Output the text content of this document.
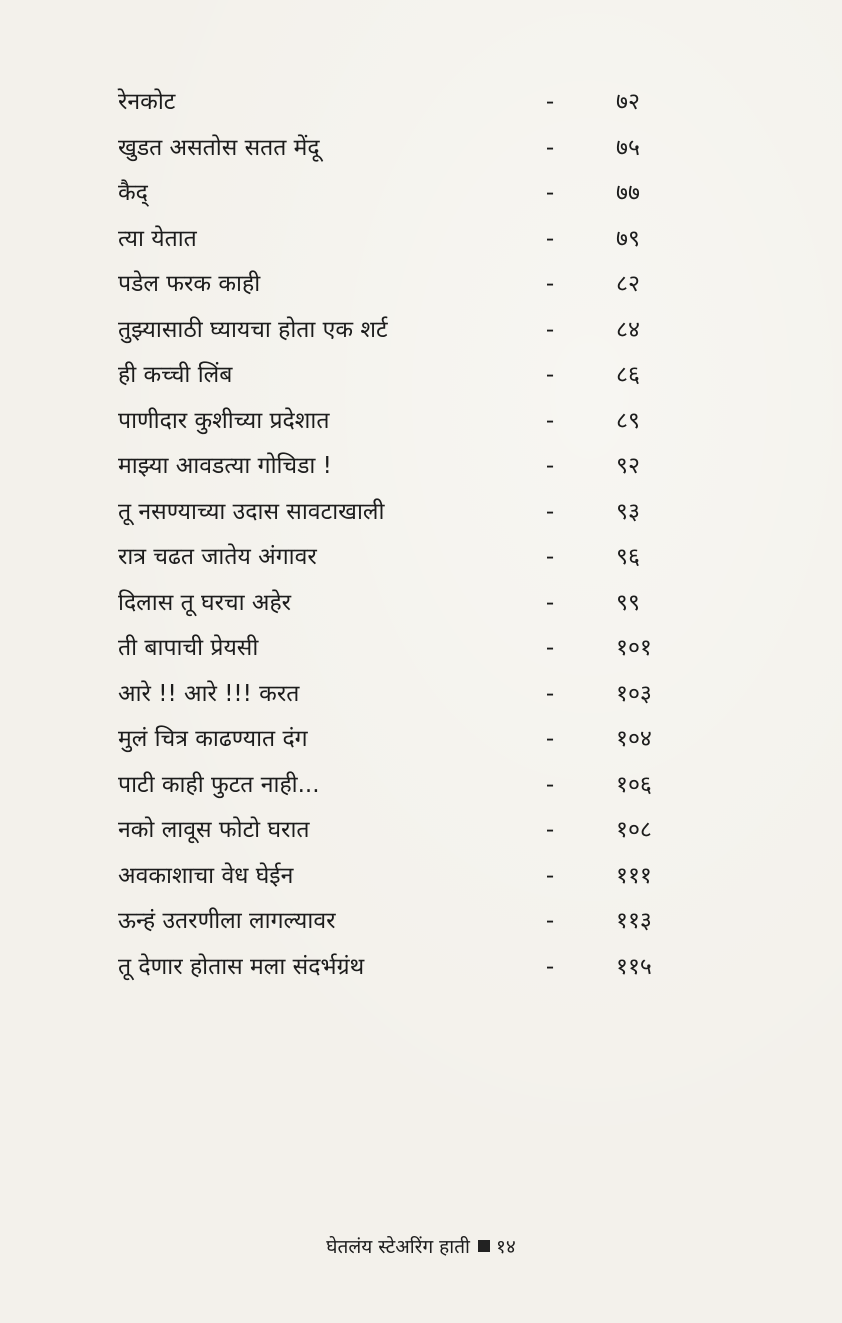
रेनकोट	-	७२
खुडत असतोस सतत मेंदू	-	७५
कैद्	-	७७
त्या येतात	-	७९
पडेल फरक काही	-	८२
तुझ्यासाठी घ्यायचा होता एक शर्ट	-	८४
ही कच्ची लिंब	-	८६
पाणीदार कुशीच्या प्रदेशात	-	८९
माझ्या आवडत्या गोचिडा !	-	९२
तू नसण्याच्या उदास सावटाखाली	-	९३
रात्र चढत जातेय अंगावर	-	९६
दिलास तू घरचा अहेर	-	९९
ती बापाची प्रेयसी	-	१०१
आरे !! आरे !!! करत	-	१०३
मुलं चित्र काढण्यात दंग	-	१०४
पाटी काही फुटत नाही...	-	१०६
नको लावूस फोटो घरात	-	१०८
अवकाशाचा वेध घेईन	-	१११
ऊन्हं उतरणीला लागल्यावर	-	११३
तू देणार होतास मला संदर्भग्रंथ	-	११५
घेतलंय स्टेअरिंग हाती १४
